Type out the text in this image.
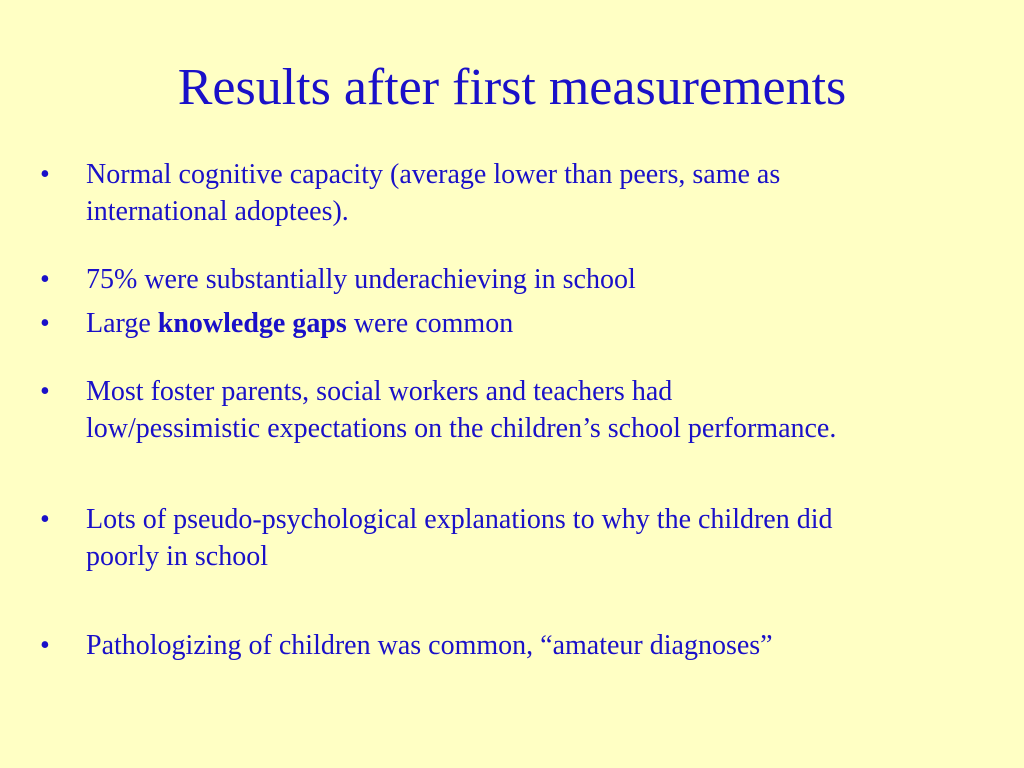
Results after first measurements
•	Normal cognitive capacity (average lower than peers, same as
international adoptees).
•	75% were substantially underachieving in school
•	Large knowledge gaps were common
•	Most foster parents, social workers and teachers had
low/pessimistic expectations on the children’s school performance.
•	Lots of pseudo-psychological explanations to why the children did
poorly in school
•	Pathologizing of children was common, “amateur diagnoses”
